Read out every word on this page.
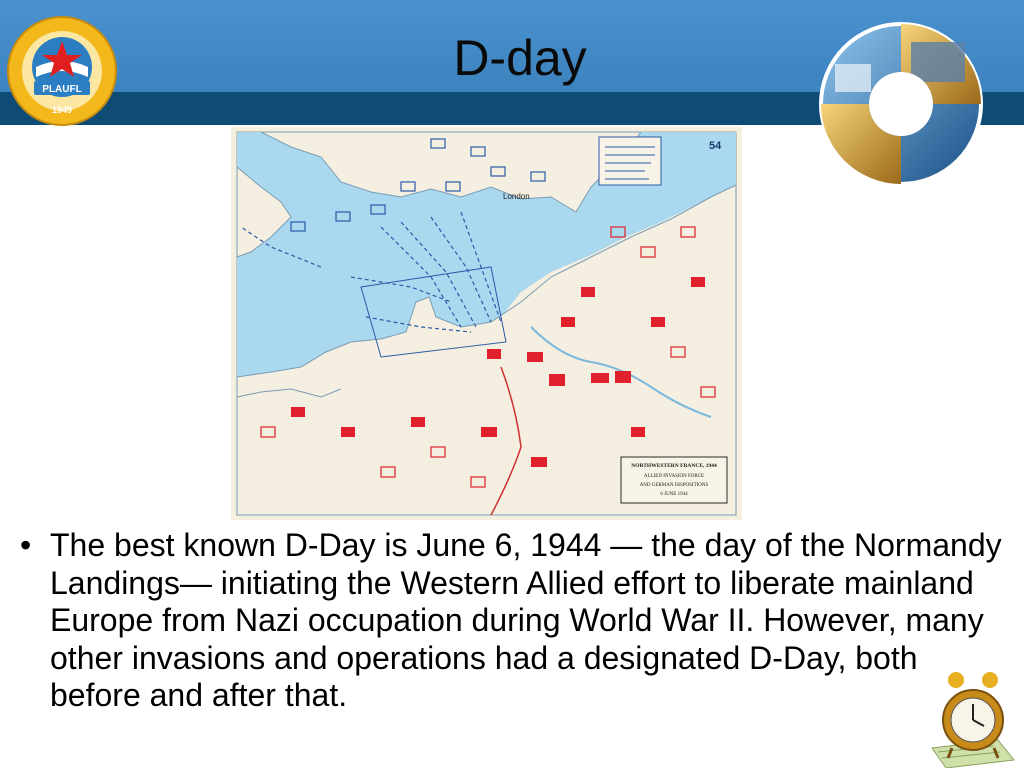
D-day
PLAUFL
1949
London
54
NORTHWESTERN FRANCE, 1944
ALLIED INVASION FORCE
AND GERMAN DISPOSITIONS
6 JUNE 1944
• The best known D-Day is June 6, 1944 — the day of the Normandy Landings— initiating the Western Allied effort to liberate mainland Europe from Nazi occupation during World War II. However, many other invasions and operations had a designated D-Day, both before and after that.
